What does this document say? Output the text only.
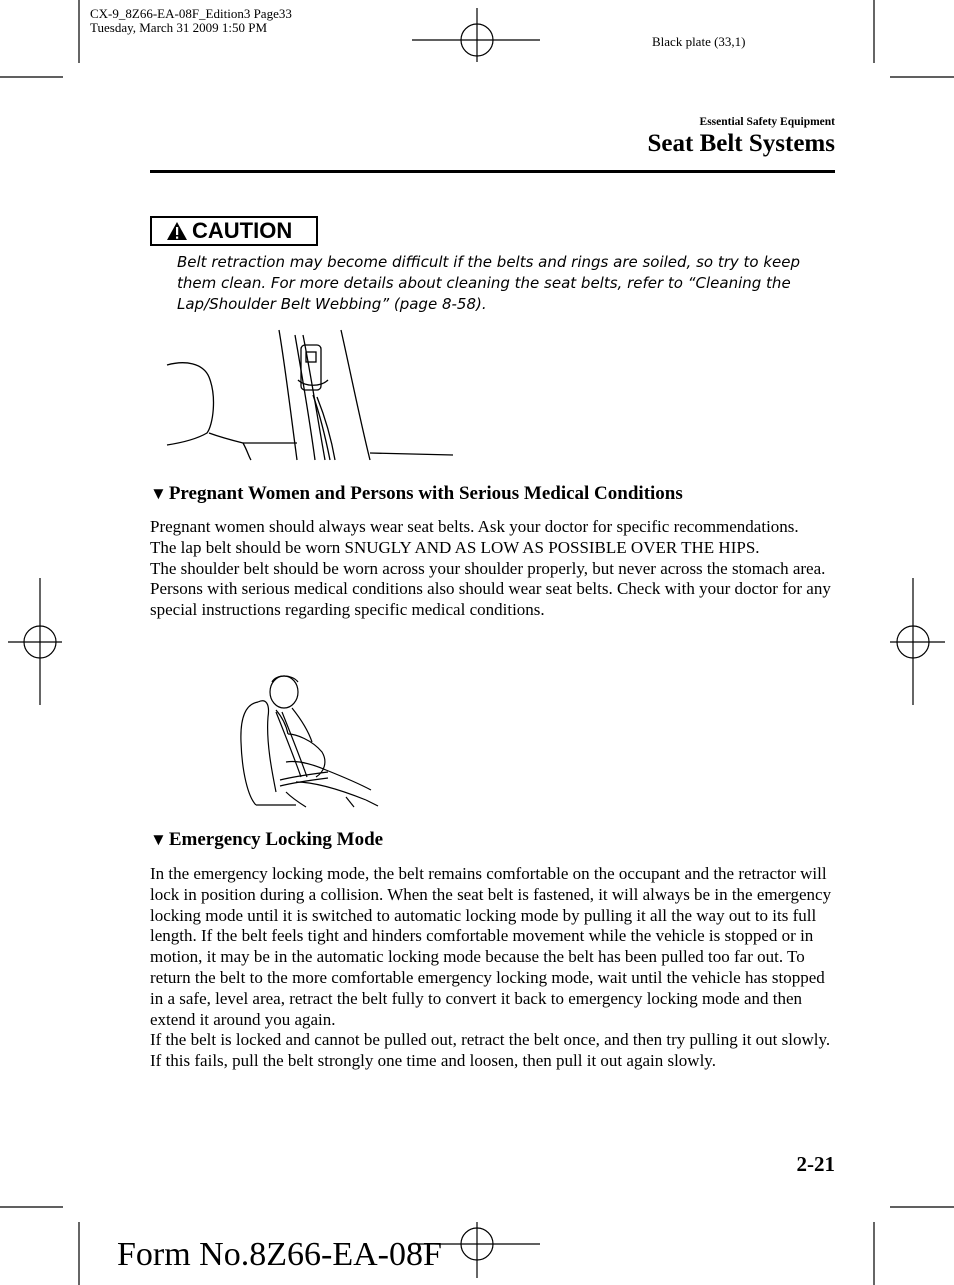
CX-9_8Z66-EA-08F_Edition3 Page33
Tuesday, March 31 2009 1:50 PM
Black plate (33,1)
Essential Safety Equipment
Seat Belt Systems
CAUTION
Belt retraction may become difficult if the belts and rings are soiled, so try to keep them clean. For more details about cleaning the seat belts, refer to “Cleaning the Lap/Shoulder Belt Webbing” (page 8-58).
▼ Pregnant Women and Persons with Serious Medical Conditions

Pregnant women should always wear seat belts. Ask your doctor for specific recommendations.

The lap belt should be worn SNUGLY AND AS LOW AS POSSIBLE OVER THE HIPS.

The shoulder belt should be worn across your shoulder properly, but never across the stomach area.

Persons with serious medical conditions also should wear seat belts. Check with your doctor for any special instructions regarding specific medical conditions.

▼ Emergency Locking Mode

In the emergency locking mode, the belt remains comfortable on the occupant and the retractor will lock in position during a collision. When the seat belt is fastened, it will always be in the emergency locking mode until it is switched to automatic locking mode by pulling it all the way out to its full length. If the belt feels tight and hinders comfortable movement while the vehicle is stopped or in motion, it may be in the automatic locking mode because the belt has been pulled too far out. To return the belt to the more comfortable emergency locking mode, wait until the vehicle has stopped in a safe, level area, retract the belt fully to convert it back to emergency locking mode and then extend it around you again.

If the belt is locked and cannot be pulled out, retract the belt once, and then try pulling it out slowly. If this fails, pull the belt strongly one time and loosen, then pull it out again slowly.

2-21
Form No.8Z66-EA-08F
